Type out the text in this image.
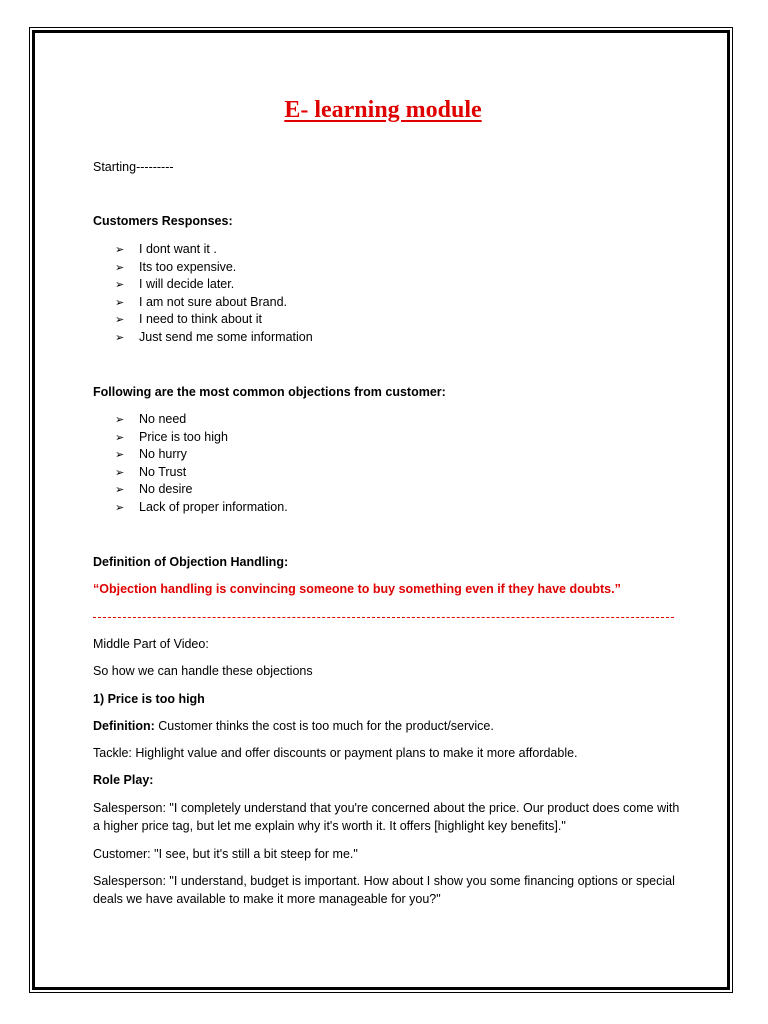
E- learning module
Starting---------
Customers Responses:
➢ I dont want it .
➢ Its too expensive.
➢ I will decide later.
➢ I am not sure about Brand.
➢ I need to think about it
➢ Just send me some information
Following are the most common objections from customer:
➢ No need
➢ Price is too high
➢ No hurry
➢ No Trust
➢ No desire
➢ Lack of proper information.
Definition of Objection Handling:
“Objection handling is convincing someone to buy something even if they have doubts.”
Middle Part of Video:
So how we can handle these objections
1) Price is too high
Definition: Customer thinks the cost is too much for the product/service.
Tackle: Highlight value and offer discounts or payment plans to make it more affordable.
Role Play:
Salesperson: "I completely understand that you're concerned about the price. Our product does come with a higher price tag, but let me explain why it's worth it. It offers [highlight key benefits]."
Customer: "I see, but it's still a bit steep for me."
Salesperson: "I understand, budget is important. How about I show you some financing options or special deals we have available to make it more manageable for you?"
